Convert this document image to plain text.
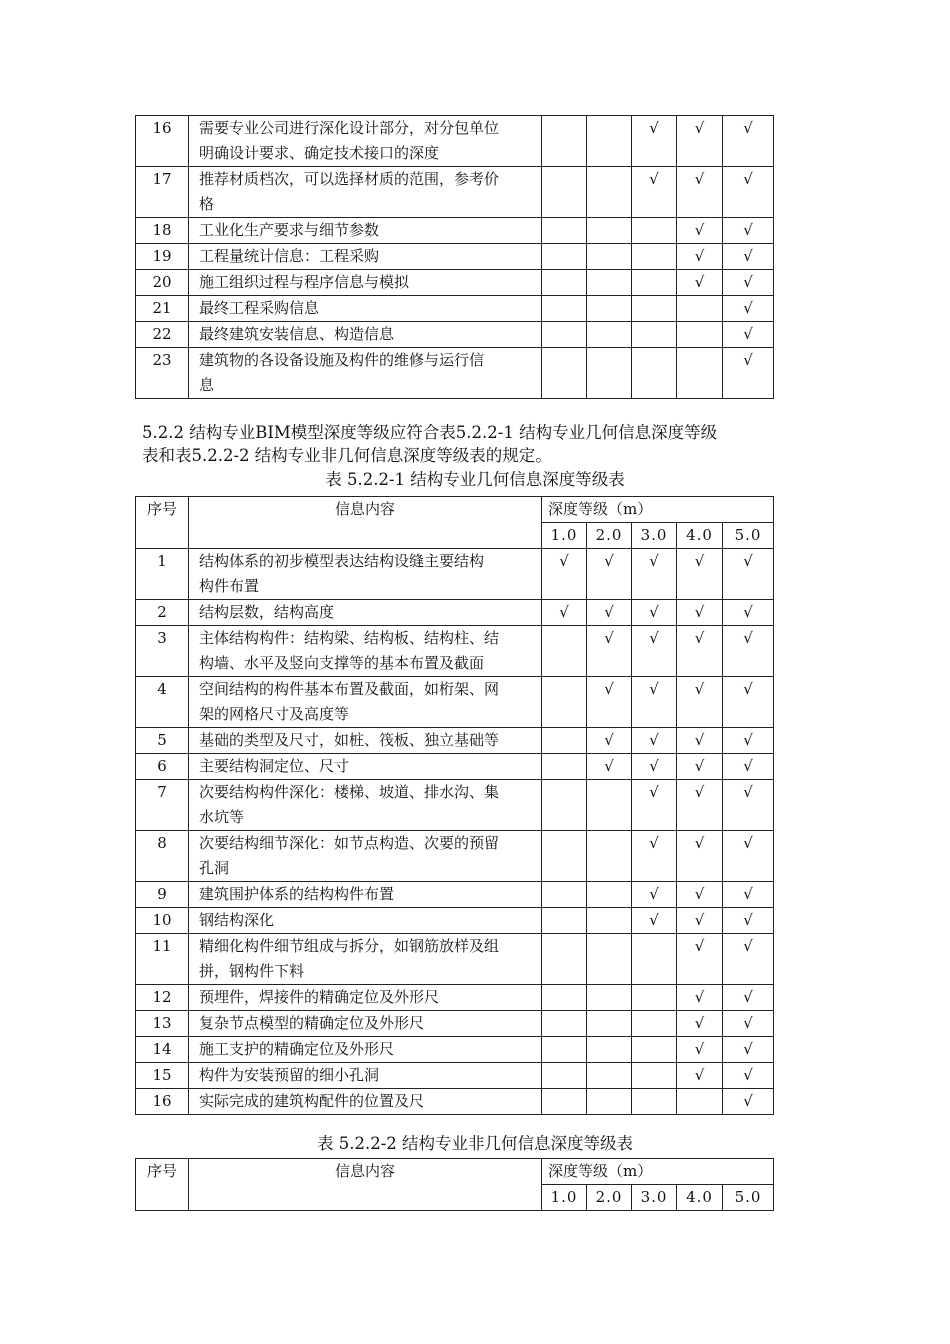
16	需要专业公司进行深化设计部分，对分包单位
明确设计要求、确定技术接口的深度			√	√	√
17	推荐材质档次，可以选择材质的范围，参考价
格			√	√	√
18	工业化生产要求与细节参数				√	√
19	工程量统计信息：工程采购				√	√
20	施工组织过程与程序信息与模拟				√	√
21	最终工程采购信息					√
22	最终建筑安装信息、构造信息					√
23	建筑物的各设备设施及构件的维修与运行信
息					√
5.2.2 结构专业BIM模型深度等级应符合表5.2.2-1 结构专业几何信息深度等级
表和表5.2.2-2 结构专业非几何信息深度等级表的规定。
表 5.2.2-1 结构专业几何信息深度等级表
序号	信息内容	深度等级（m）				
		1.0	2.0	3.0	4.0	5.0
1	结构体系的初步模型表达结构设缝主要结构
构件布置	√	√	√	√	√
2	结构层数，结构高度	√	√	√	√	√
3	主体结构构件：结构梁、结构板、结构柱、结
构墙、水平及竖向支撑等的基本布置及截面		√	√	√	√
4	空间结构的构件基本布置及截面，如桁架、网
架的网格尺寸及高度等		√	√	√	√
5	基础的类型及尺寸，如桩、筏板、独立基础等		√	√	√	√
6	主要结构洞定位、尺寸		√	√	√	√
7	次要结构构件深化：楼梯、坡道、排水沟、集
水坑等			√	√	√
8	次要结构细节深化：如节点构造、次要的预留
孔洞			√	√	√
9	建筑围护体系的结构构件布置			√	√	√
10	钢结构深化			√	√	√
11	精细化构件细节组成与拆分，如钢筋放样及组
拼，钢构件下料				√	√
12	预埋件，焊接件的精确定位及外形尺				√	√
13	复杂节点模型的精确定位及外形尺				√	√
14	施工支护的精确定位及外形尺				√	√
15	构件为安装预留的细小孔洞				√	√
16	实际完成的建筑构配件的位置及尺					√
表 5.2.2-2 结构专业非几何信息深度等级表
序号	信息内容	深度等级（m）				
		1.0	2.0	3.0	4.0	5.0
